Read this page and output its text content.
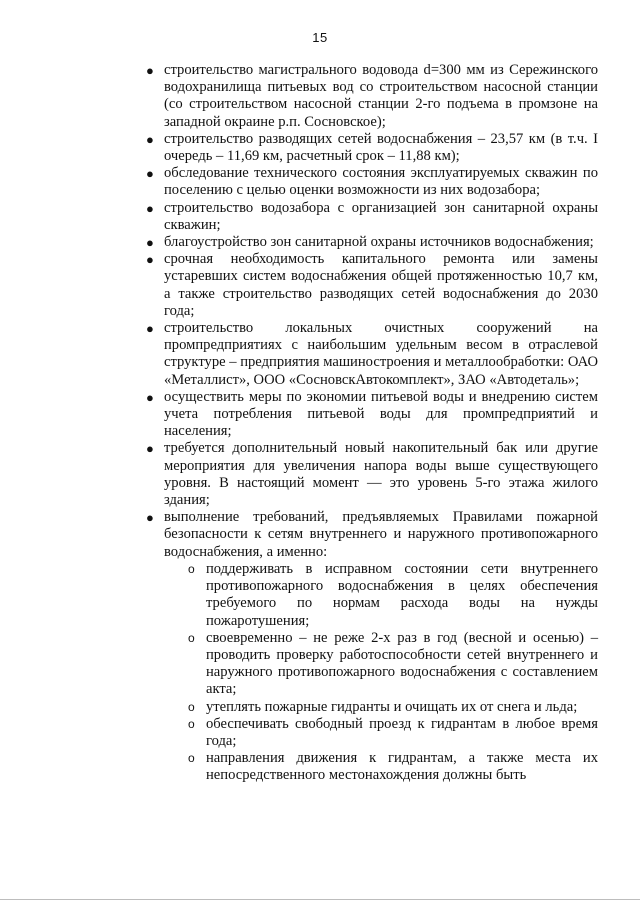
15
● строительство магистрального водовода d=300 мм из Сережинского водохранилища питьевых вод со строительством насосной станции (со строительством насосной станции 2-го подъема в промзоне на западной окраине р.п. Сосновское);
● строительство разводящих сетей водоснабжения – 23,57 км (в т.ч. I очередь – 11,69 км, расчетный срок – 11,88 км);
● обследование технического состояния эксплуатируемых скважин по поселению с целью оценки возможности из них водозабора;
● строительство водозабора с организацией зон санитарной охраны скважин;
● благоустройство зон санитарной охраны источников водоснабжения;
● срочная необходимость капитального ремонта или замены устаревших систем водоснабжения общей протяженностью 10,7 км, а также строительство разводящих сетей водоснабжения до 2030 года;
● строительство локальных очистных сооружений на промпредприятиях с наибольшим удельным весом в отраслевой структуре – предприятия машиностроения и металлообработки: ОАО «Металлист», ООО «СосновскАвтокомплект», ЗАО «Автодеталь»;
● осуществить меры по экономии питьевой воды и внедрению систем учета потребления питьевой воды для промпредприятий и населения;
● требуется дополнительный новый накопительный бак или другие мероприятия для увеличения напора воды выше существующего уровня. В настоящий момент — это уровень 5-го этажа жилого здания;
● выполнение требований, предъявляемых Правилами пожарной безопасности к сетям внутреннего и наружного противопожарного водоснабжения, а именно:
o поддерживать в исправном состоянии сети внутреннего противопожарного водоснабжения в целях обеспечения требуемого по нормам расхода воды на нужды пожаротушения;
o своевременно – не реже 2-х раз в год (весной и осенью) – проводить проверку работоспособности сетей внутреннего и наружного противопожарного водоснабжения с составлением акта;
o утеплять пожарные гидранты и очищать их от снега и льда;
o обеспечивать свободный проезд к гидрантам в любое время года;
o направления движения к гидрантам, а также места их непосредственного местонахождения должны быть
